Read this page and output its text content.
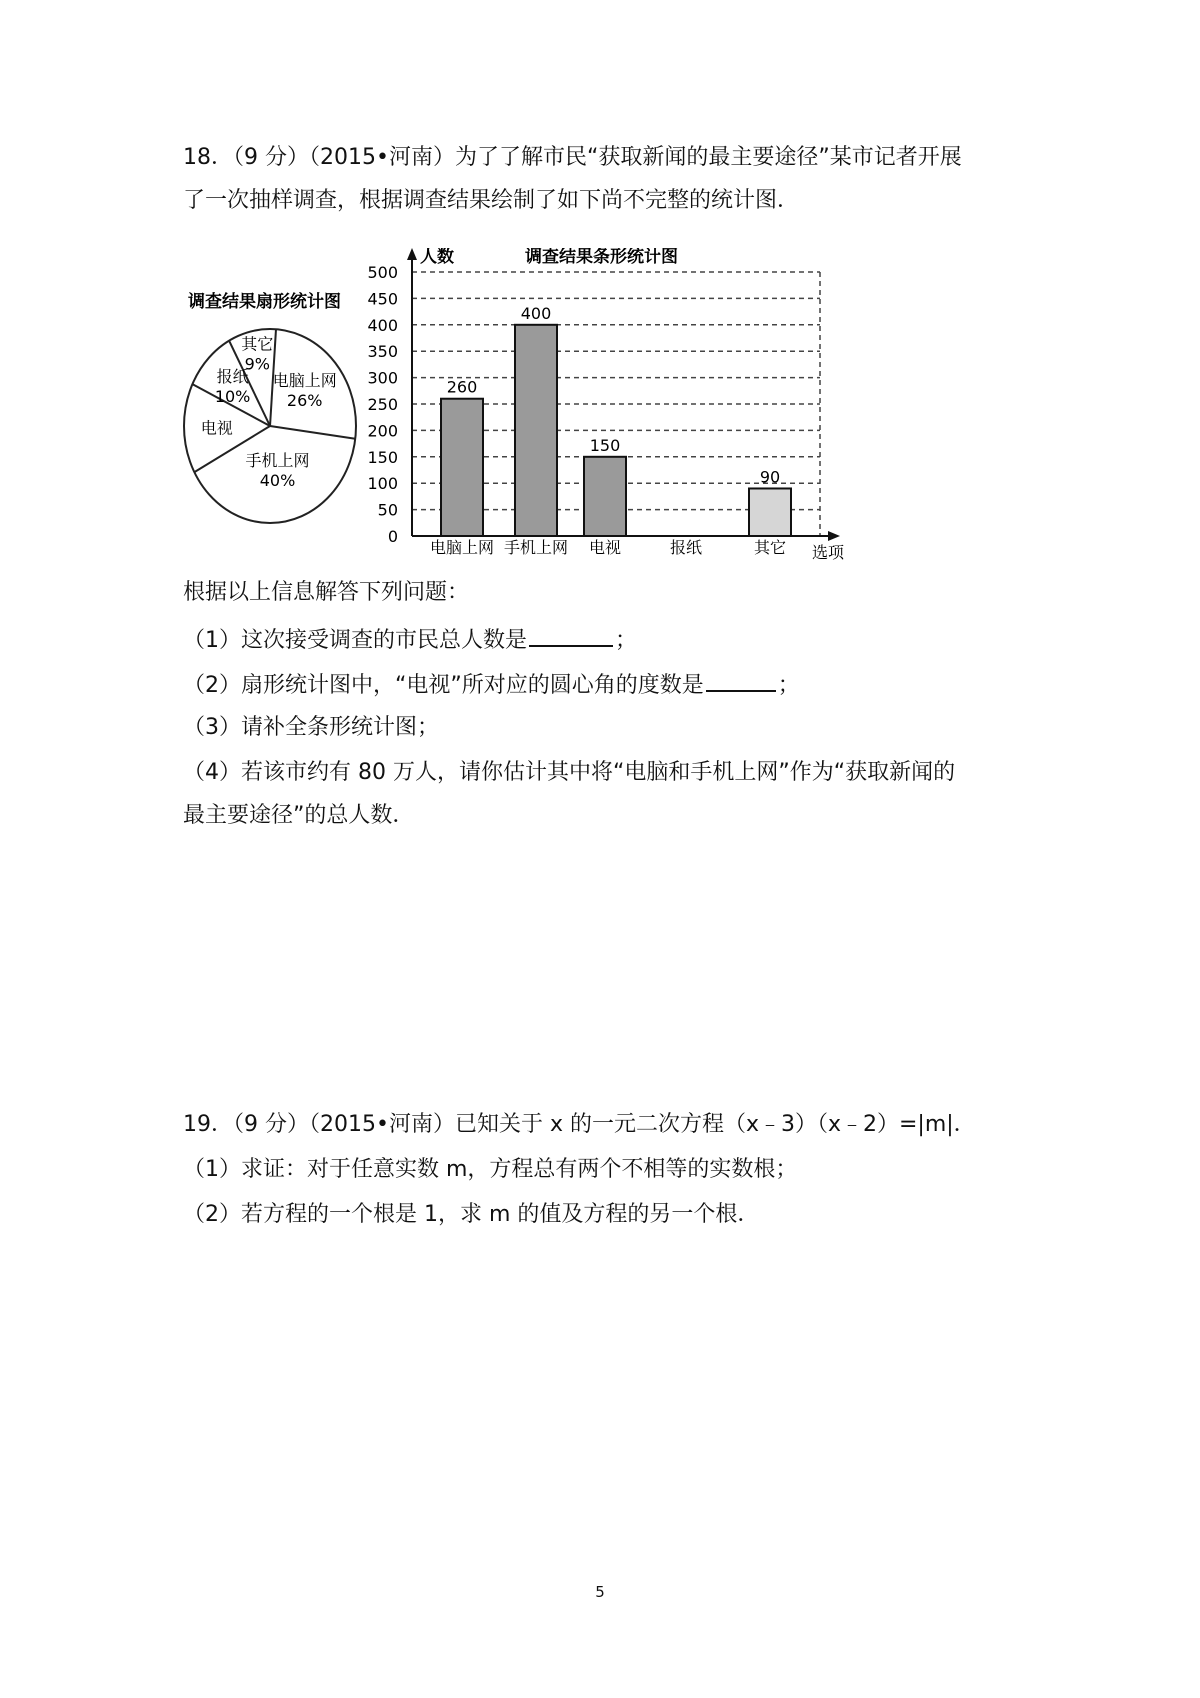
18．（9 分）（2015•河南）为了了解市民“获取新闻的最主要途径”某市记者开展
了一次抽样调查，根据调查结果绘制了如下尚不完整的统计图．
调查结果扇形统计图
电脑上网
26%
手机上网
40%
电视
报纸
10%
其它
9%
人数	调查结果条形统计图
0
50
100
150
200
250
300
350
400
450
500
选项
电脑上网
260
手机上网
400
电视
150
报纸	其它
90
根据以上信息解答下列问题：
（1）这次接受调查的市民总人数是	；
（2）扇形统计图中，“电视”所对应的圆心角的度数是	；
（3）请补全条形统计图；
（4）若该市约有 80 万人，请你估计其中将“电脑和手机上网”作为“获取新闻的
最主要途径”的总人数．
19．（9 分）（2015•河南）已知关于 x 的一元二次方程（x﹣3）（x﹣2）=|m|．
（1）求证：对于任意实数 m，方程总有两个不相等的实数根；
（2）若方程的一个根是 1，求 m 的值及方程的另一个根．
5
